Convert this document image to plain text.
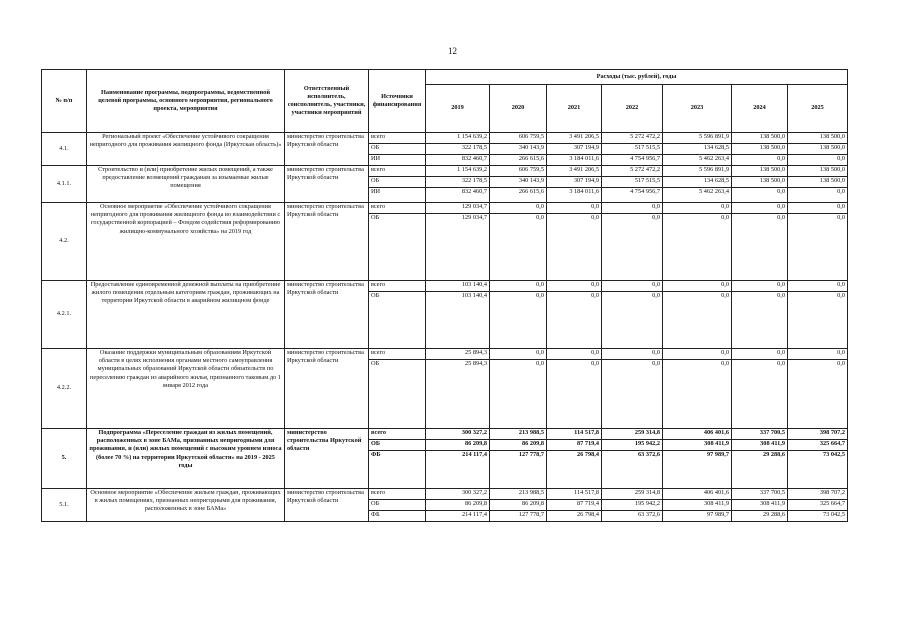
12
№ п/п	Наименование программы, подпрограммы, ведомственной целевой программы, основного мероприятия, регионального проекта, мероприятия	Ответственный исполнитель, соисполнитель, участники, участники мероприятий	Источники финансирования	Расходы (тыс. рублей), годы						
				2019	2020	2021	2022	2023	2024	2025
4.1.	Региональный проект «Обеспечение устойчивого сокращения непригодного для проживания жилищного фонда (Иркутская область)»	министерство строительства Иркутской области	всего	1 154 639,2	606 759,5	3 491 206,5	5 272 472,2	5 596 891,9	138 500,0	138 500,0
			ОБ	322 178,5	340 143,9	307 194,9	517 515,5	134 628,5	138 500,0	138 500,0
			ИИ	832 460,7	266 615,6	3 184 011,6	4 754 956,7	5 462 263,4	0,0	0,0
4.1.1.	Строительство и (или) приобретение жилых помещений, а также предоставление возмещений гражданам за изымаемые жилые помещения	министерство строительства Иркутской области	всего	1 154 639,2	606 759,5	3 491 206,5	5 272 472,2	5 596 891,9	138 500,0	138 500,0
			ОБ	322 178,5	340 143,9	307 194,9	517 515,5	134 628,5	138 500,0	138 500,0
			ИИ	832 460,7	266 615,6	3 184 011,6	4 754 956,7	5 462 263,4	0,0	0,0
4.2.	Основное мероприятие «Обеспечение устойчивого сокращения непригодного для проживания жилищного фонда во взаимодействии с государственной корпорацией – Фондом содействия реформированию жилищно-коммунального хозяйства» на 2019 год	министерство строительства Иркутской области	всего	129 034,7	0,0	0,0	0,0	0,0	0,0	0,0
			ОБ	129 034,7	0,0	0,0	0,0	0,0	0,0	0,0

4.2.1.	Предоставление единовременной денежной выплаты на приобретение жилого помещения отдельным категориям граждан, проживающих на территории Иркутской области в аварийном жилищном фонде	министерство строительства Иркутской области	всего	103 140,4	0,0	0,0	0,0	0,0	0,0	0,0
			ОБ	103 140,4	0,0	0,0	0,0	0,0	0,0	0,0

4.2.2.	Оказание поддержки муниципальным образованиям Иркутской области в целях исполнения органами местного самоуправления муниципальных образований Иркутской области обязательств по переселению граждан из аварийного жилья, признанного таковым до 1 января 2012 года	министерство строительства Иркутской области	всего	25 894,3	0,0	0,0	0,0	0,0	0,0	0,0
			ОБ	25 894,3	0,0	0,0	0,0	0,0	0,0	0,0

5.	Подпрограмма «Переселение граждан из жилых помещений, расположенных в зоне БАМа, признанных непригодными для проживания, и (или) жилых помещений с высоким уровнем износа (более 70 %) на территории Иркутской области» на 2019 - 2025 годы	министерство строительства Иркутской области	всего	300 327,2	213 988,5	114 517,8	259 314,8	406 401,6	337 700,5	398 707,2
			ОБ	86 209,8	86 209,8	87 719,4	195 942,2	308 411,9	308 411,9	325 664,7
			ФБ	214 117,4	127 778,7	26 798,4	63 372,6	97 989,7	29 288,6	73 042,5
5.1.	Основное мероприятие «Обеспечение жильем граждан, проживающих в жилых помещениях, признанных непригодными для проживания, расположенных в зоне БАМа»	министерство строительства Иркутской области	всего	300 327,2	213 988,5	114 517,8	259 314,8	406 401,6	337 700,5	398 707,2
			ОБ	86 209,8	86 209,8	87 719,4	195 942,2	308 411,9	308 411,9	325 664,7
			ФБ	214 117,4	127 778,7	26 798,4	63 372,6	97 989,7	29 288,6	73 042,5
